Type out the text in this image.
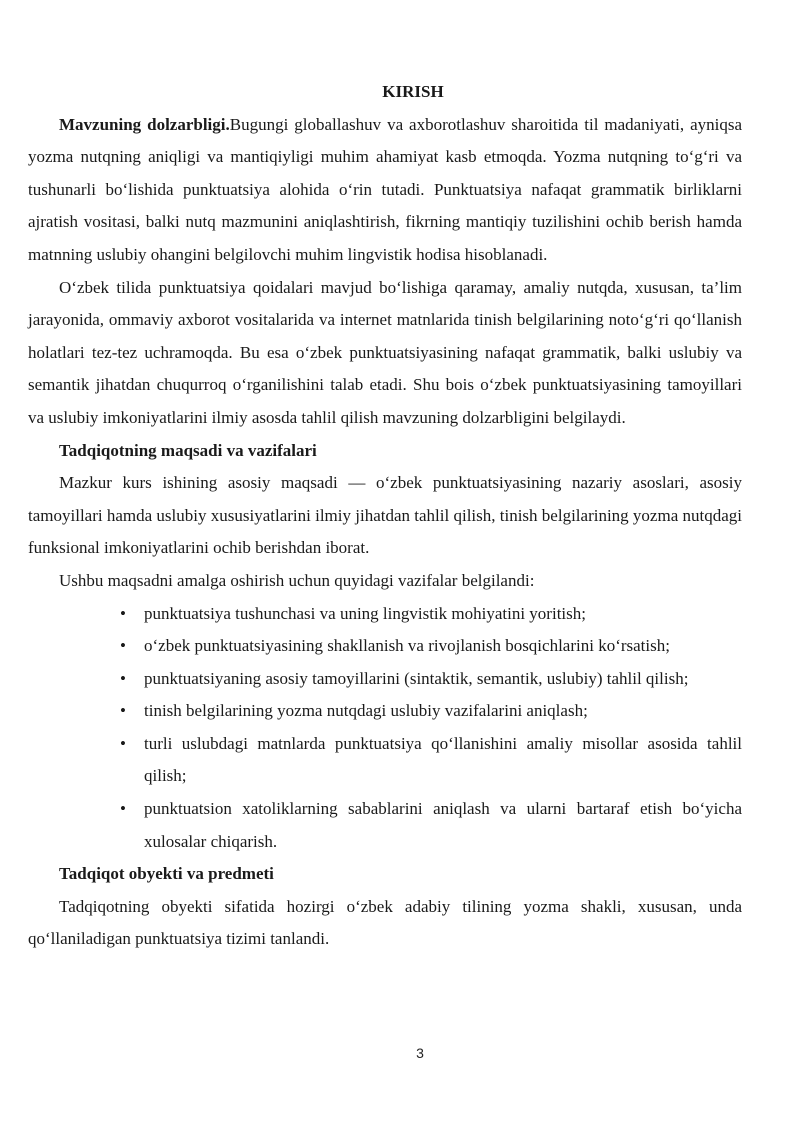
KIRISH

Mavzuning dolzarbligi.Bugungi globallashuv va axborotlashuv sharoitida til madaniyati, ayniqsa yozma nutqning aniqligi va mantiqiyligi muhim ahamiyat kasb etmoqda. Yozma nutqning to‘g‘ri va tushunarli bo‘lishida punktuatsiya alohida o‘rin tutadi. Punktuatsiya nafaqat grammatik birliklarni ajratish vositasi, balki nutq mazmunini aniqlashtirish, fikrning mantiqiy tuzilishini ochib berish hamda matnning uslubiy ohangini belgilovchi muhim lingvistik hodisa hisoblanadi.

O‘zbek tilida punktuatsiya qoidalari mavjud bo‘lishiga qaramay, amaliy nutqda, xususan, ta’lim jarayonida, ommaviy axborot vositalarida va internet matnlarida tinish belgilarining noto‘g‘ri qo‘llanish holatlari tez-tez uchramoqda. Bu esa o‘zbek punktuatsiyasining nafaqat grammatik, balki uslubiy va semantik jihatdan chuqurroq o‘rganilishini talab etadi. Shu bois o‘zbek punktuatsiyasining tamoyillari va uslubiy imkoniyatlarini ilmiy asosda tahlil qilish mavzuning dolzarbligini belgilaydi.

Tadqiqotning maqsadi va vazifalari

Mazkur kurs ishining asosiy maqsadi — o‘zbek punktuatsiyasining nazariy asoslari, asosiy tamoyillari hamda uslubiy xususiyatlarini ilmiy jihatdan tahlil qilish, tinish belgilarining yozma nutqdagi funksional imkoniyatlarini ochib berishdan iborat.

Ushbu maqsadni amalga oshirish uchun quyidagi vazifalar belgilandi:

• punktuatsiya tushunchasi va uning lingvistik mohiyatini yoritish;
• o‘zbek punktuatsiyasining shakllanish va rivojlanish bosqichlarini ko‘rsatish;
• punktuatsiyaning asosiy tamoyillarini (sintaktik, semantik, uslubiy) tahlil qilish;
• tinish belgilarining yozma nutqdagi uslubiy vazifalarini aniqlash;
• turli uslubdagi matnlarda punktuatsiya qo‘llanishini amaliy misollar asosida tahlil qilish;
• punktuatsion xatoliklarning sabablarini aniqlash va ularni bartaraf etish bo‘yicha xulosalar chiqarish.
Tadqiqot obyekti va predmeti

Tadqiqotning obyekti sifatida hozirgi o‘zbek adabiy tilining yozma shakli, xususan, unda qo‘llaniladigan punktuatsiya tizimi tanlandi.

3
